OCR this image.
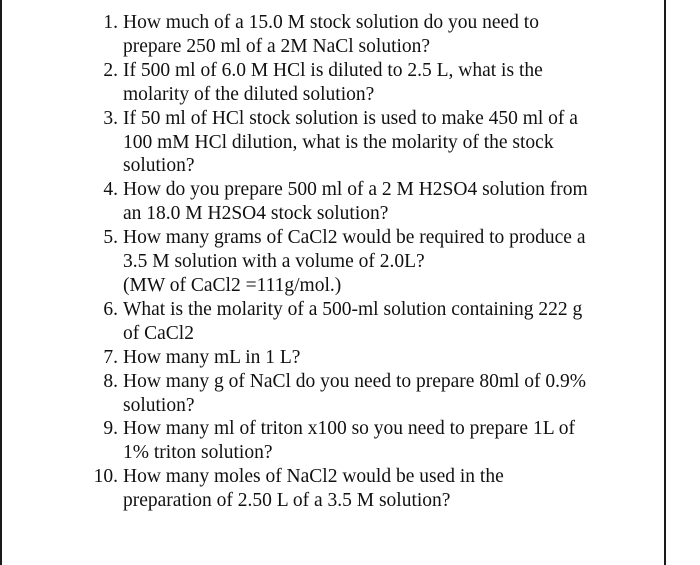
1. How much of a 15.0 M stock solution do you need to
prepare 250 ml of a 2M NaCl solution?
2. If 500 ml of 6.0 M HCl is diluted to 2.5 L, what is the
molarity of the diluted solution?
3. If 50 ml of HCl stock solution is used to make 450 ml of a
100 mM HCl dilution, what is the molarity of the stock
solution?
4. How do you prepare 500 ml of a 2 M H2SO4 solution from
an 18.0 M H2SO4 stock solution?
5. How many grams of CaCl2 would be required to produce a
3.5 M solution with a volume of 2.0L?
(MW of CaCl2 =111g/mol.)
6. What is the molarity of a 500-ml solution containing 222 g
of CaCl2
7. How many mL in 1 L?
8. How many g of NaCl do you need to prepare 80ml of 0.9%
solution?
9. How many ml of triton x100 so you need to prepare 1L of
1% triton solution?
10. How many moles of NaCl2 would be used in the
preparation of 2.50 L of a 3.5 M solution?
